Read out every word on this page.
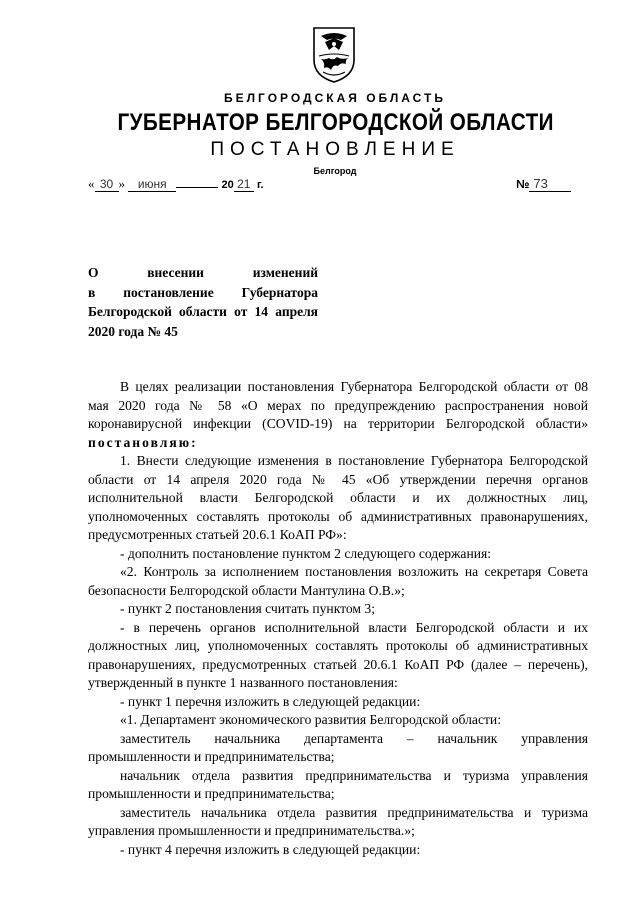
БЕЛГОРОДСКАЯ ОБЛАСТЬ
ГУБЕРНАТОР БЕЛГОРОДСКОЙ ОБЛАСТИ
ПОСТАНОВЛЕНИЕ
Белгород
« 30 » июня	20 21 г.	№ 73
О внесении изменений
в постановление Губернатора
Белгородской области от 14 апреля
2020 года № 45

В целях реализации постановления Губернатора Белгородской области от 08 мая 2020 года № 58 «О мерах по предупреждению распространения новой коронавирусной инфекции (COVID-19) на территории Белгородской области» постановляю:

1. Внести следующие изменения в постановление Губернатора Белгородской области от 14 апреля 2020 года № 45 «Об утверждении перечня органов исполнительной власти Белгородской области и их должностных лиц, уполномоченных составлять протоколы об административных правонарушениях, предусмотренных статьей 20.6.1 КоАП РФ»:

- дополнить постановление пунктом 2 следующего содержания:

«2. Контроль за исполнением постановления возложить на секретаря Совета безопасности Белгородской области Мантулина О.В.»;

- пункт 2 постановления считать пунктом 3;

- в перечень органов исполнительной власти Белгородской области и их должностных лиц, уполномоченных составлять протоколы об административных правонарушениях, предусмотренных статьей 20.6.1 КоАП РФ (далее – перечень), утвержденный в пункте 1 названного постановления:

- пункт 1 перечня изложить в следующей редакции:

«1. Департамент экономического развития Белгородской области:

заместитель начальника департамента – начальник управления промышленности и предпринимательства;

начальник отдела развития предпринимательства и туризма управления промышленности и предпринимательства;

заместитель начальника отдела развития предпринимательства и туризма управления промышленности и предпринимательства.»;

- пункт 4 перечня изложить в следующей редакции:
